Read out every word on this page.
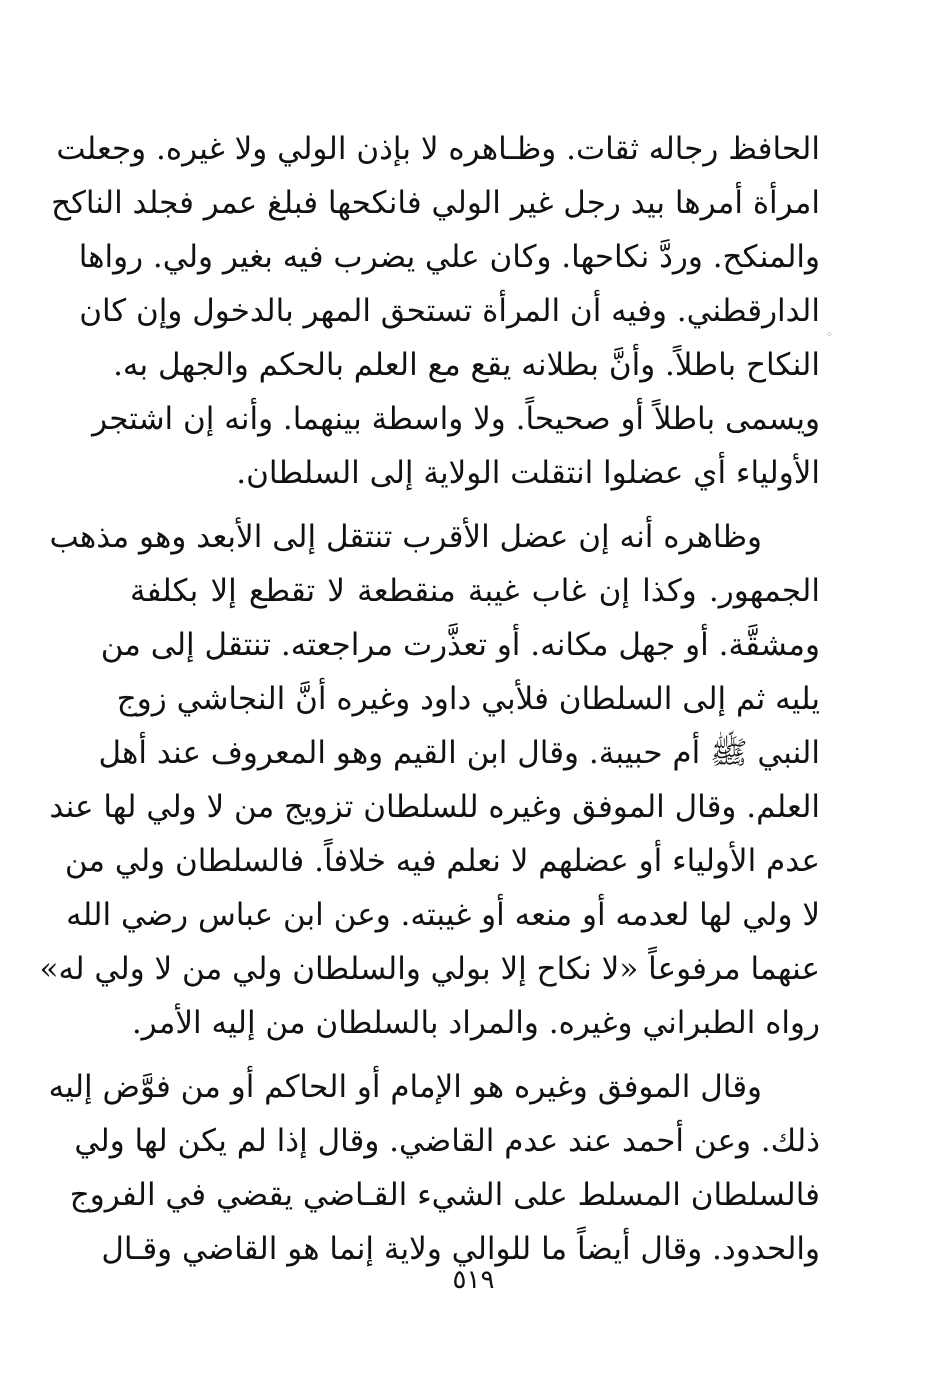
الحافظ رجاله ثقات. وظـاهره لا بإذن الولي ولا غيره. وجعلت
امرأة أمرها بيد رجل غير الولي فانكحها فبلغ عمر فجلد الناكح
والمنكح. وردَّ نكاحها. وكان علي يضرب فيه بغير ولي. رواها
الدارقطني. وفيه أن المرأة تستحق المهر بالدخول وإن كان
النكاح باطلاً. وأنَّ بطلانه يقع مع العلم بالحكم والجهل به.
ويسمى باطلاً أو صحيحاً. ولا واسطة بينهما. وأنه إن اشتجر
الأولياء أي عضلوا انتقلت الولاية إلى السلطان.

وظاهره أنه إن عضل الأقرب تنتقل إلى الأبعد وهو مذهب
الجمهور. وكذا إن غاب غيبة منقطعة لا تقطع إلا بكلفة
ومشقَّة. أو جهل مكانه. أو تعذَّرت مراجعته. تنتقل إلى من
يليه ثم إلى السلطان فلأبي داود وغيره أنَّ النجاشي زوج
النبي ﷺ أم حبيبة. وقال ابن القيم وهو المعروف عند أهل
العلم. وقال الموفق وغيره للسلطان تزويج من لا ولي لها عند
عدم الأولياء أو عضلهم لا نعلم فيه خلافاً. فالسلطان ولي من
لا ولي لها لعدمه أو منعه أو غيبته. وعن ابن عباس رضي الله
عنهما مرفوعاً «لا نكاح إلا بولي والسلطان ولي من لا ولي له»
رواه الطبراني وغيره. والمراد بالسلطان من إليه الأمر.

وقال الموفق وغيره هو الإمام أو الحاكم أو من فوَّض إليه
ذلك. وعن أحمد عند عدم القاضي. وقال إذا لم يكن لها ولي
فالسلطان المسلط على الشيء القـاضي يقضي في الفروج
والحدود. وقال أيضاً ما للوالي ولاية إنما هو القاضي وقـال

⁘
٥١٩
